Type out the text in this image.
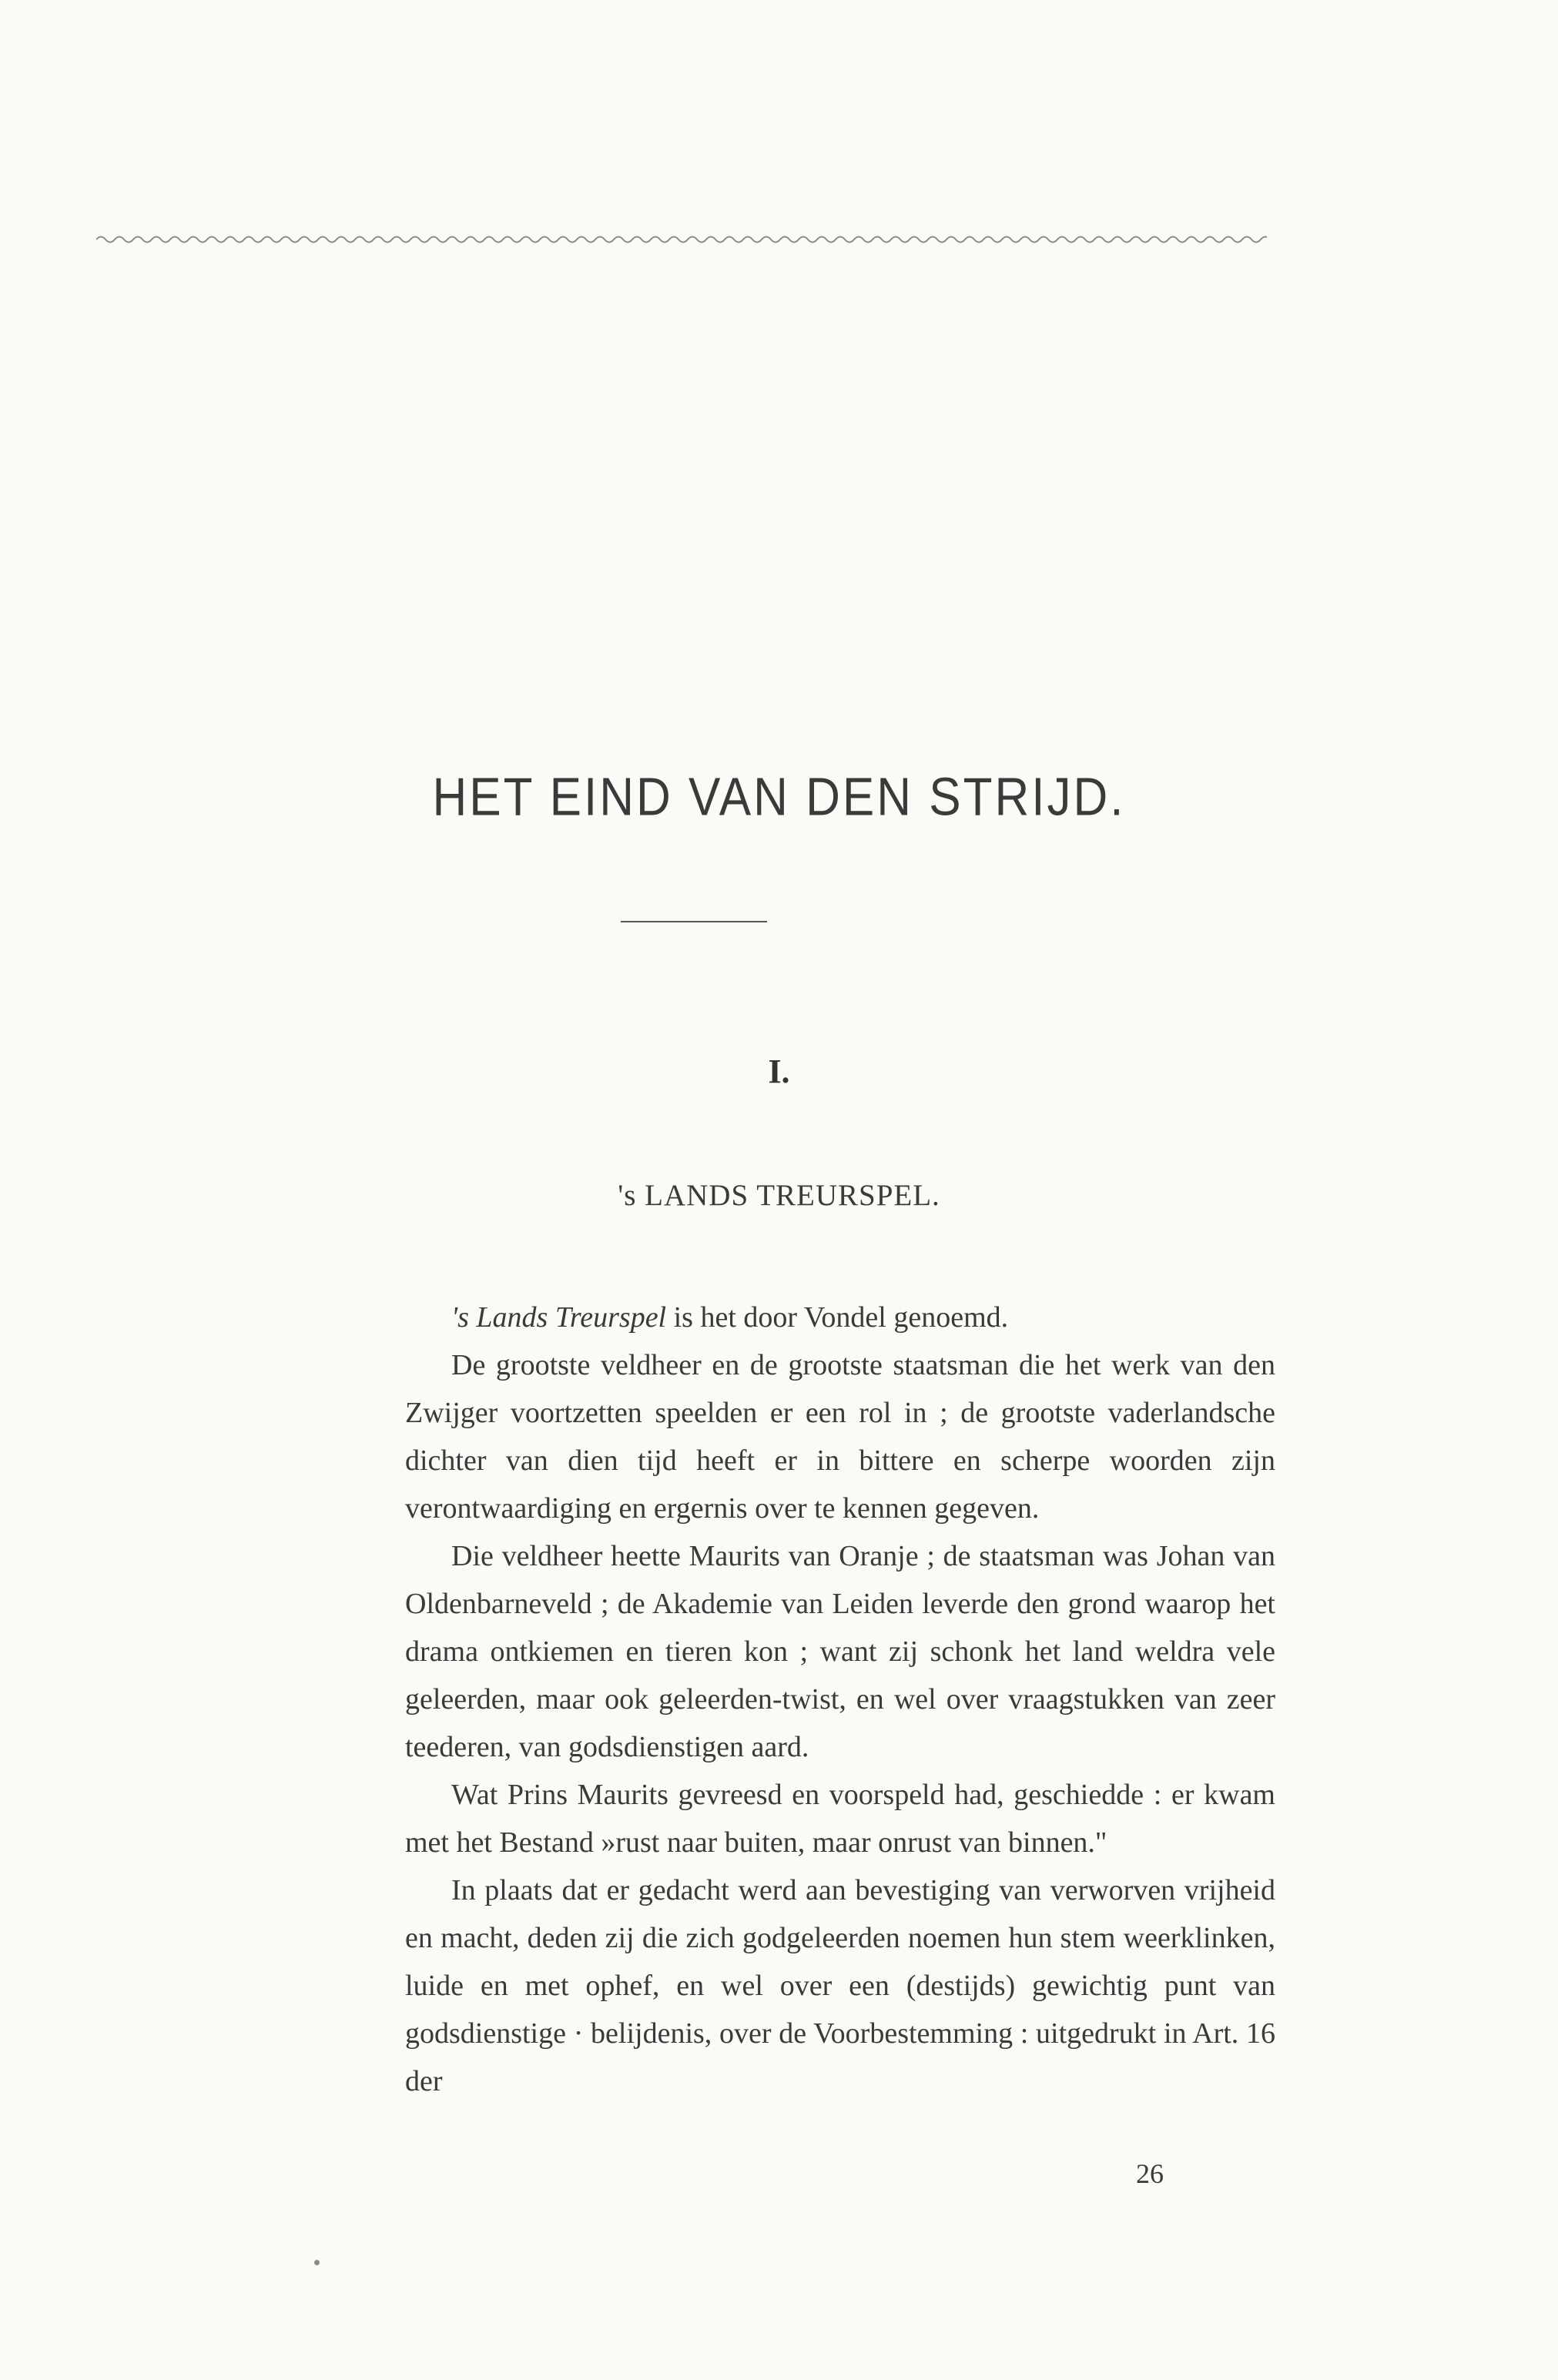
HET EIND VAN DEN STRIJD.
I.
's LANDS TREURSPEL.

's Lands Treurspel is het door Vondel genoemd.

De grootste veldheer en de grootste staatsman die het werk van den Zwijger voortzetten speelden er een rol in ; de grootste vaderlandsche dichter van dien tijd heeft er in bittere en scherpe woorden zijn verontwaardiging en ergernis over te kennen gegeven.

Die veldheer heette Maurits van Oranje ; de staatsman was Johan van Oldenbarneveld ; de Akademie van Leiden leverde den grond waarop het drama ontkiemen en tieren kon ; want zij schonk het land weldra vele geleerden, maar ook geleerden-twist, en wel over vraagstukken van zeer teederen, van godsdienstigen aard.

Wat Prins Maurits gevreesd en voorspeld had, geschiedde : er kwam met het Bestand »rust naar buiten, maar onrust van binnen."

In plaats dat er gedacht werd aan bevestiging van verworven vrijheid en macht, deden zij die zich godgeleerden noemen hun stem weerklinken, luide en met ophef, en wel over een (destijds) gewichtig punt van godsdienstige · belijdenis, over de Voorbestemming : uitgedrukt in Art. 16 der

26
